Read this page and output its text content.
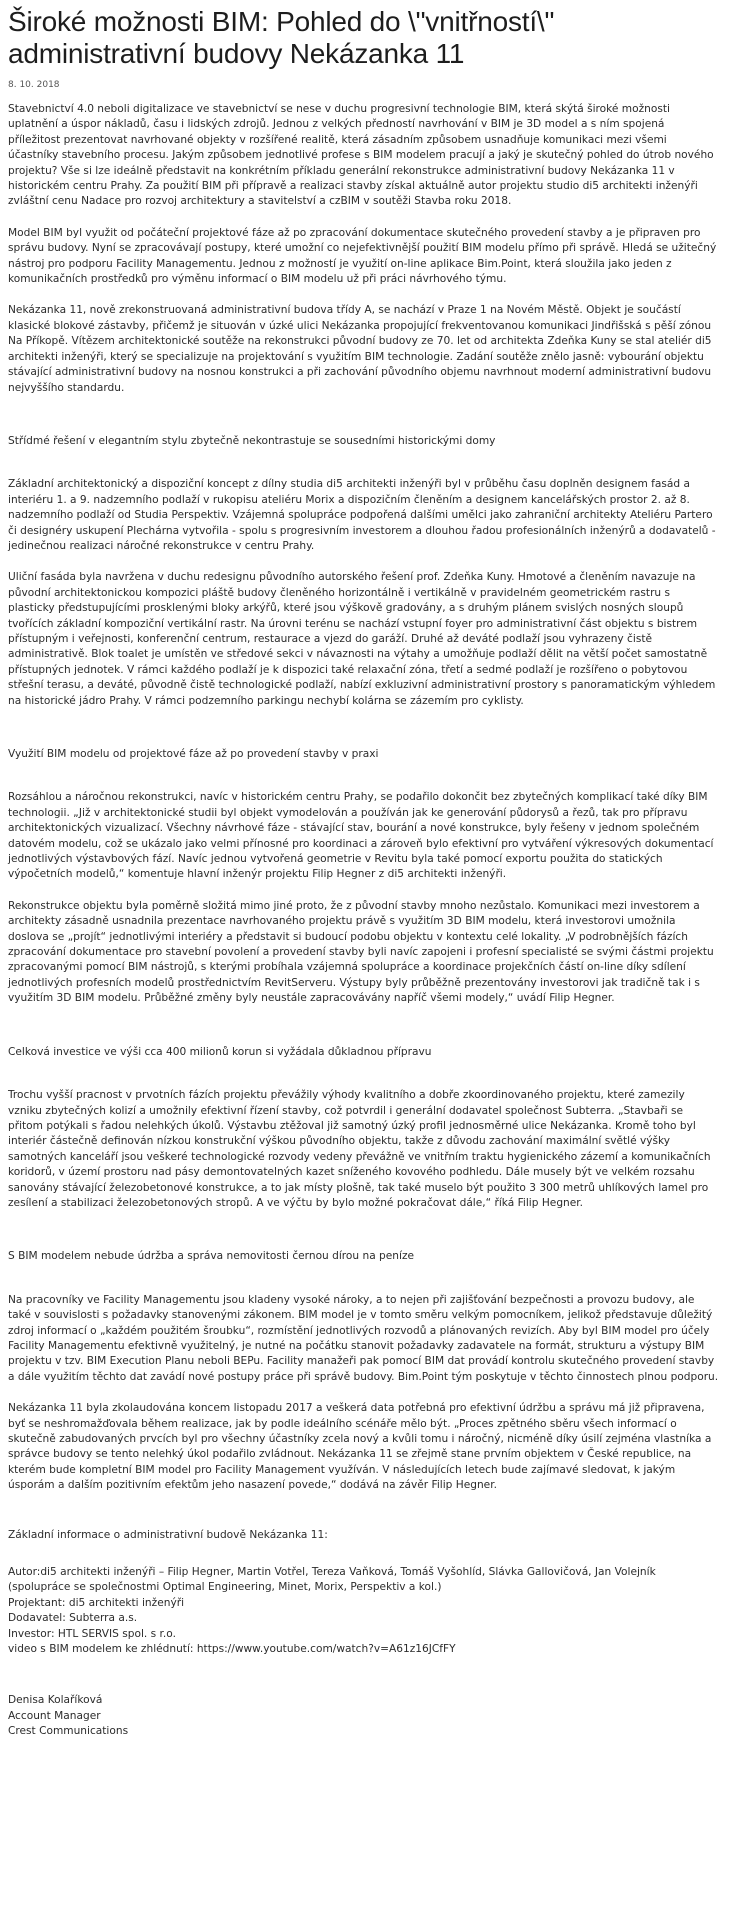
Široké možnosti BIM: Pohled do \"vnitřností\" administrativní budovy Nekázanka 11
8. 10. 2018

Stavebnictví 4.0 neboli digitalizace ve stavebnictví se nese v duchu progresivní technologie BIM, která skýtá široké možnosti uplatnění a úspor nákladů, času i lidských zdrojů. Jednou z velkých předností navrhování v BIM je 3D model a s ním spojená příležitost prezentovat navrhované objekty v rozšířené realitě, která zásadním způsobem usnadňuje komunikaci mezi všemi účastníky stavebního procesu. Jakým způsobem jednotlivé profese s BIM modelem pracují a jaký je skutečný pohled do útrob nového projektu? Vše si lze ideálně představit na konkrétním příkladu generální rekonstrukce administrativní budovy Nekázanka 11 v historickém centru Prahy. Za použití BIM při přípravě a realizaci stavby získal aktuálně autor projektu studio di5 architekti inženýři zvláštní cenu Nadace pro rozvoj architektury a stavitelství a czBIM v soutěži Stavba roku 2018.

Model BIM byl využit od počáteční projektové fáze až po zpracování dokumentace skutečného provedení stavby a je připraven pro správu budovy. Nyní se zpracovávají postupy, které umožní co nejefektivnější použití BIM modelu přímo při správě. Hledá se užitečný nástroj pro podporu Facility Managementu. Jednou z možností je využití on-line aplikace Bim.Point, která sloužila jako jeden z komunikačních prostředků pro výměnu informací o BIM modelu už při práci návrhového týmu.

Nekázanka 11, nově zrekonstruovaná administrativní budova třídy A, se nachází v Praze 1 na Novém Městě. Objekt je součástí klasické blokové zástavby, přičemž je situován v úzké ulici Nekázanka propojující frekventovanou komunikaci Jindřišská s pěší zónou Na Příkopě. Vítězem architektonické soutěže na rekonstrukci původní budovy ze 70. let od architekta Zdeňka Kuny se stal ateliér di5 architekti inženýři, který se specializuje na projektování s využitím BIM technologie. Zadání soutěže znělo jasně: vybourání objektu stávající administrativní budovy na nosnou konstrukci a při zachování původního objemu navrhnout moderní administrativní budovu nejvyššího standardu.

Střídmé řešení v elegantním stylu zbytečně nekontrastuje se sousedními historickými domy

Základní architektonický a dispoziční koncept z dílny studia di5 architekti inženýři byl v průběhu času doplněn designem fasád a interiéru 1. a 9. nadzemního podlaží v rukopisu ateliéru Morix a dispozičním členěním a designem kancelářských prostor 2. až 8. nadzemního podlaží od Studia Perspektiv. Vzájemná spolupráce podpořená dalšími umělci jako zahraniční architekty Ateliéru Partero či designéry uskupení Plechárna vytvořila - spolu s progresivním investorem a dlouhou řadou profesionálních inženýrů a dodavatelů - jedinečnou realizaci náročné rekonstrukce v centru Prahy.

Uliční fasáda byla navržena v duchu redesignu původního autorského řešení prof. Zdeňka Kuny. Hmotové a členěním navazuje na původní architektonickou kompozici pláště budovy členěného horizontálně i vertikálně v pravidelném geometrickém rastru s plasticky předstupujícími prosklenými bloky arkýřů, které jsou výškově gradovány, a s druhým plánem svislých nosných sloupů tvořících základní kompoziční vertikální rastr. Na úrovni terénu se nachází vstupní foyer pro administrativní část objektu s bistrem přístupným i veřejnosti, konferenční centrum, restaurace a vjezd do garáží. Druhé až deváté podlaží jsou vyhrazeny čistě administrativě. Blok toalet je umístěn ve středové sekci v návaznosti na výtahy a umožňuje podlaží dělit na větší počet samostatně přístupných jednotek. V rámci každého podlaží je k dispozici také relaxační zóna, třetí a sedmé podlaží je rozšířeno o pobytovou střešní terasu, a deváté, původně čistě technologické podlaží, nabízí exkluzivní administrativní prostory s panoramatickým výhledem na historické jádro Prahy. V rámci podzemního parkingu nechybí kolárna se zázemím pro cyklisty.

Využití BIM modelu od projektové fáze až po provedení stavby v praxi

Rozsáhlou a náročnou rekonstrukci, navíc v historickém centru Prahy, se podařilo dokončit bez zbytečných komplikací také díky BIM technologii. „Již v architektonické studii byl objekt vymodelován a používán jak ke generování půdorysů a řezů, tak pro přípravu architektonických vizualizací. Všechny návrhové fáze - stávající stav, bourání a nové konstrukce, byly řešeny v jednom společném datovém modelu, což se ukázalo jako velmi přínosné pro koordinaci a zároveň bylo efektivní pro vytváření výkresových dokumentací jednotlivých výstavbových fází. Navíc jednou vytvořená geometrie v Revitu byla také pomocí exportu použita do statických výpočetních modelů,“ komentuje hlavní inženýr projektu Filip Hegner z di5 architekti inženýři.

Rekonstrukce objektu byla poměrně složitá mimo jiné proto, že z původní stavby mnoho nezůstalo. Komunikaci mezi investorem a architekty zásadně usnadnila prezentace navrhovaného projektu právě s využitím 3D BIM modelu, která investorovi umožnila doslova se „projít“ jednotlivými interiéry a představit si budoucí podobu objektu v kontextu celé lokality. „V podrobnějších fázích zpracování dokumentace pro stavební povolení a provedení stavby byli navíc zapojeni i profesní specialisté se svými částmi projektu zpracovanými pomocí BIM nástrojů, s kterými probíhala vzájemná spolupráce a koordinace projekčních částí on-line díky sdílení jednotlivých profesních modelů prostřednictvím RevitServeru. Výstupy byly průběžně prezentovány investorovi jak tradičně tak i s využitím 3D BIM modelu. Průběžné změny byly neustále zapracovávány napříč všemi modely,“ uvádí Filip Hegner.

Celková investice ve výši cca 400 milionů korun si vyžádala důkladnou přípravu

Trochu vyšší pracnost v prvotních fázích projektu převážily výhody kvalitního a dobře zkoordinovaného projektu, které zamezily vzniku zbytečných kolizí a umožnily efektivní řízení stavby, což potvrdil i generální dodavatel společnost Subterra. „Stavbaři se přitom potýkali s řadou nelehkých úkolů. Výstavbu ztěžoval již samotný úzký profil jednosměrné ulice Nekázanka. Kromě toho byl interiér částečně definován nízkou konstrukční výškou původního objektu, takže z důvodu zachování maximální světlé výšky samotných kanceláří jsou veškeré technologické rozvody vedeny převážně ve vnitřním traktu hygienického zázemí a komunikačních koridorů, v území prostoru nad pásy demontovatelných kazet sníženého kovového podhledu. Dále musely být ve velkém rozsahu sanovány stávající železobetonové konstrukce, a to jak místy plošně, tak také muselo být použito 3 300 metrů uhlíkových lamel pro zesílení a stabilizaci železobetonových stropů. A ve výčtu by bylo možné pokračovat dále,“ říká Filip Hegner.

S BIM modelem nebude údržba a správa nemovitosti černou dírou na peníze

Na pracovníky ve Facility Managementu jsou kladeny vysoké nároky, a to nejen při zajišťování bezpečnosti a provozu budovy, ale také v souvislosti s požadavky stanovenými zákonem. BIM model je v tomto směru velkým pomocníkem, jelikož představuje důležitý zdroj informací o „každém použitém šroubku“, rozmístění jednotlivých rozvodů a plánovaných revizích. Aby byl BIM model pro účely Facility Managementu efektivně využitelný, je nutné na počátku stanovit požadavky zadavatele na formát, strukturu a výstupy BIM projektu v tzv. BIM Execution Planu neboli BEPu. Facility manažeři pak pomocí BIM dat provádí kontrolu skutečného provedení stavby a dále využitím těchto dat zavádí nové postupy práce při správě budovy. Bim.Point tým poskytuje v těchto činnostech plnou podporu.

Nekázanka 11 byla zkolaudována koncem listopadu 2017 a veškerá data potřebná pro efektivní údržbu a správu má již připravena, byť se neshromažďovala během realizace, jak by podle ideálního scénáře mělo být. „Proces zpětného sběru všech informací o skutečně zabudovaných prvcích byl pro všechny účastníky zcela nový a kvůli tomu i náročný, nicméně díky úsilí zejména vlastníka a správce budovy se tento nelehký úkol podařilo zvládnout. Nekázanka 11 se zřejmě stane prvním objektem v České republice, na kterém bude kompletní BIM model pro Facility Management využíván. V následujících letech bude zajímavé sledovat, k jakým úsporám a dalším pozitivním efektům jeho nasazení povede,“ dodává na závěr Filip Hegner.

Základní informace o administrativní budově Nekázanka 11:
Autor:di5 architekti inženýři – Filip Hegner, Martin Votřel, Tereza Vaňková, Tomáš Vyšohlíd, Slávka Gallovičová, Jan Volejník
(spolupráce se společnostmi Optimal Engineering, Minet, Morix, Perspektiv a kol.)
Projektant: di5 architekti inženýři
Dodavatel: Subterra a.s.
Investor: HTL SERVIS spol. s r.o.
video s BIM modelem ke zhlédnutí: https://www.youtube.com/watch?v=A61z16JCfFY
Denisa Kolaříková
Account Manager
Crest Communications
